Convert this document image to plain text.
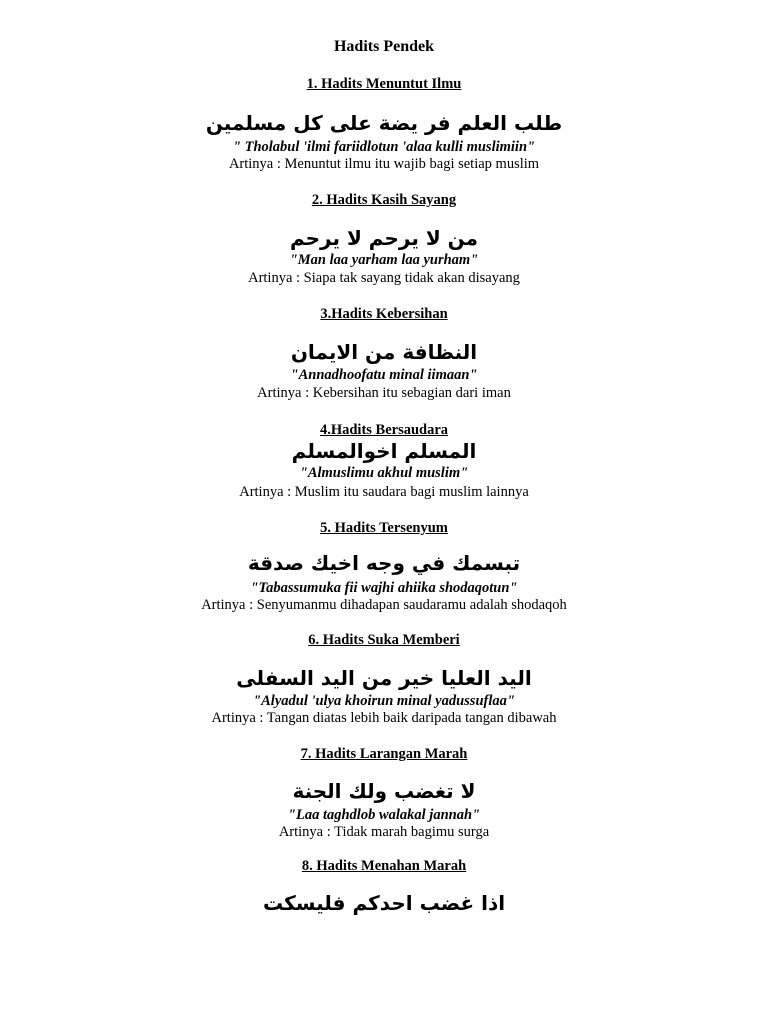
Hadits Pendek
1. Hadits Menuntut Ilmu
طلب العلم فر يضة على كل مسلمين
" Tholabul 'ilmi fariidlotun 'alaa kulli muslimiin"
Artinya : Menuntut ilmu itu wajib bagi setiap muslim
2. Hadits Kasih Sayang
من لا يرحم لا يرحم
"Man laa yarham laa yurham"
Artinya : Siapa tak sayang tidak akan disayang
3.Hadits Kebersihan
النظافة من الايمان
"Annadhoofatu minal iimaan"
Artinya : Kebersihan itu sebagian dari iman
4.Hadits Bersaudara
المسلم اخوالمسلم
"Almuslimu akhul muslim"
Artinya : Muslim itu saudara bagi muslim lainnya
5. Hadits Tersenyum
تبسمك في وجه اخيك صدقة
"Tabassumuka fii wajhi ahiika shodaqotun"
Artinya : Senyumanmu dihadapan saudaramu adalah shodaqoh
6. Hadits Suka Memberi
اليد العليا خير من اليد السفلى
"Alyadul 'ulya khoirun minal yadussuflaa"
Artinya : Tangan diatas lebih baik daripada tangan dibawah
7. Hadits Larangan Marah
لا تغضب ولك الجنة
"Laa taghdlob walakal jannah"
Artinya : Tidak marah bagimu surga
8. Hadits Menahan Marah
اذا غضب احدكم فليسكت
